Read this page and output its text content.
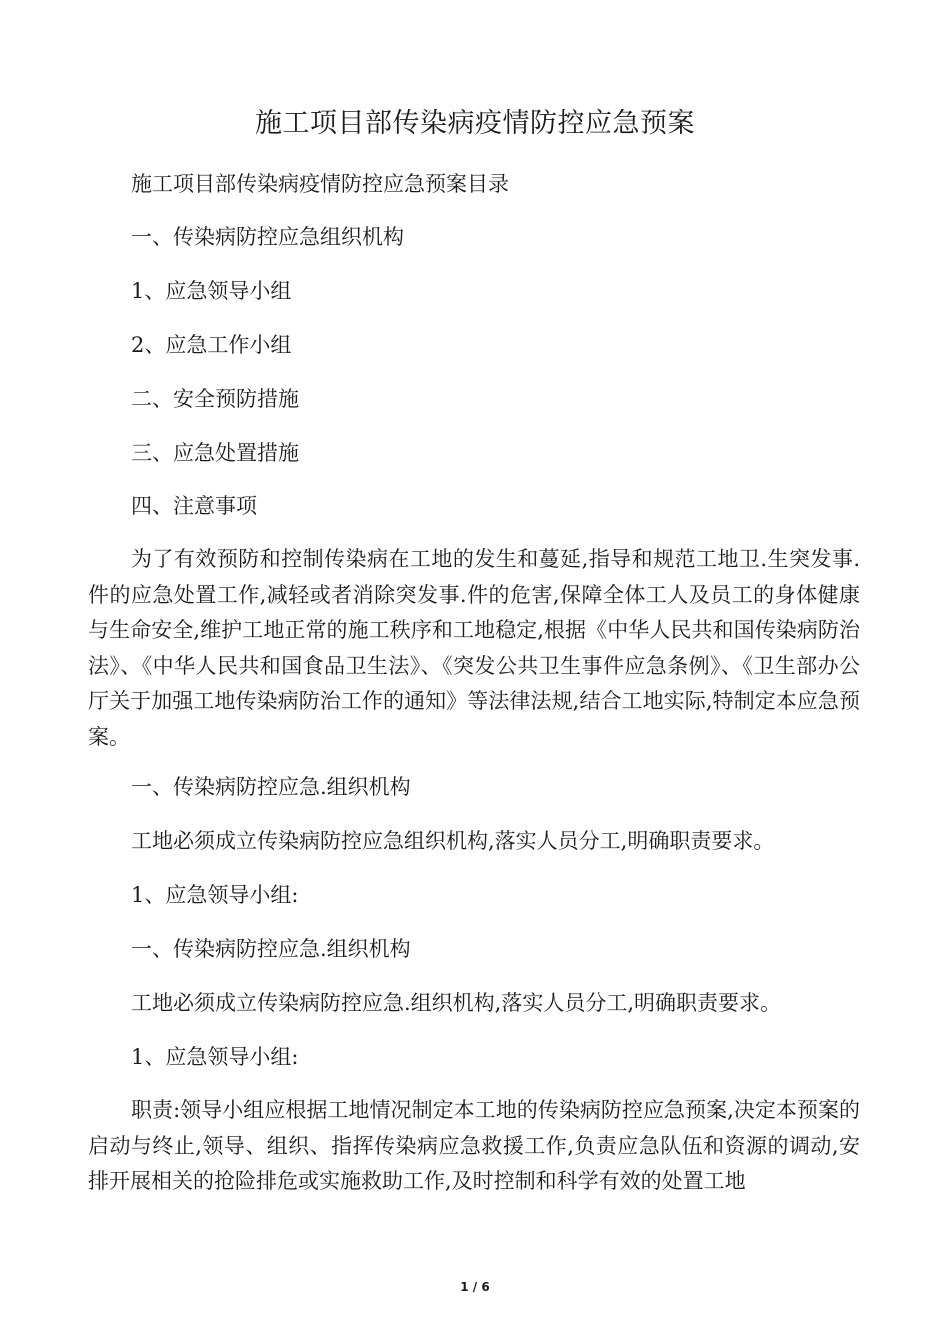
施工项目部传染病疫情防控应急预案

施工项目部传染病疫情防控应急预案目录

一、传染病防控应急组织机构

1、应急领导小组

2、应急工作小组

二、安全预防措施

三、应急处置措施

四、注意事项

为了有效预防和控制传染病在工地的发生和蔓延,指导和规范工地卫.生突发事.件的应急处置工作,减轻或者消除突发事.件的危害,保障全体工人及员工的身体健康与生命安全,维护工地正常的施工秩序和工地稳定,根据《中华人民共和国传染病防治法》、《中华人民共和国食品卫生法》、《突发公共卫生事件应急条例》、《卫生部办公厅关于加强工地传染病防治工作的通知》等法律法规,结合工地实际,特制定本应急预案。

一、传染病防控应急.组织机构

工地必须成立传染病防控应急组织机构,落实人员分工,明确职责要求。

1、应急领导小组:

一、传染病防控应急.组织机构

工地必须成立传染病防控应急.组织机构,落实人员分工,明确职责要求。

1、应急领导小组:

职责:领导小组应根据工地情况制定本工地的传染病防控应急预案,决定本预案的启动与终止,领导、组织、指挥传染病应急救援工作,负责应急队伍和资源的调动,安排开展相关的抢险排危或实施救助工作,及时控制和科学有效的处置工地

1 / 6
